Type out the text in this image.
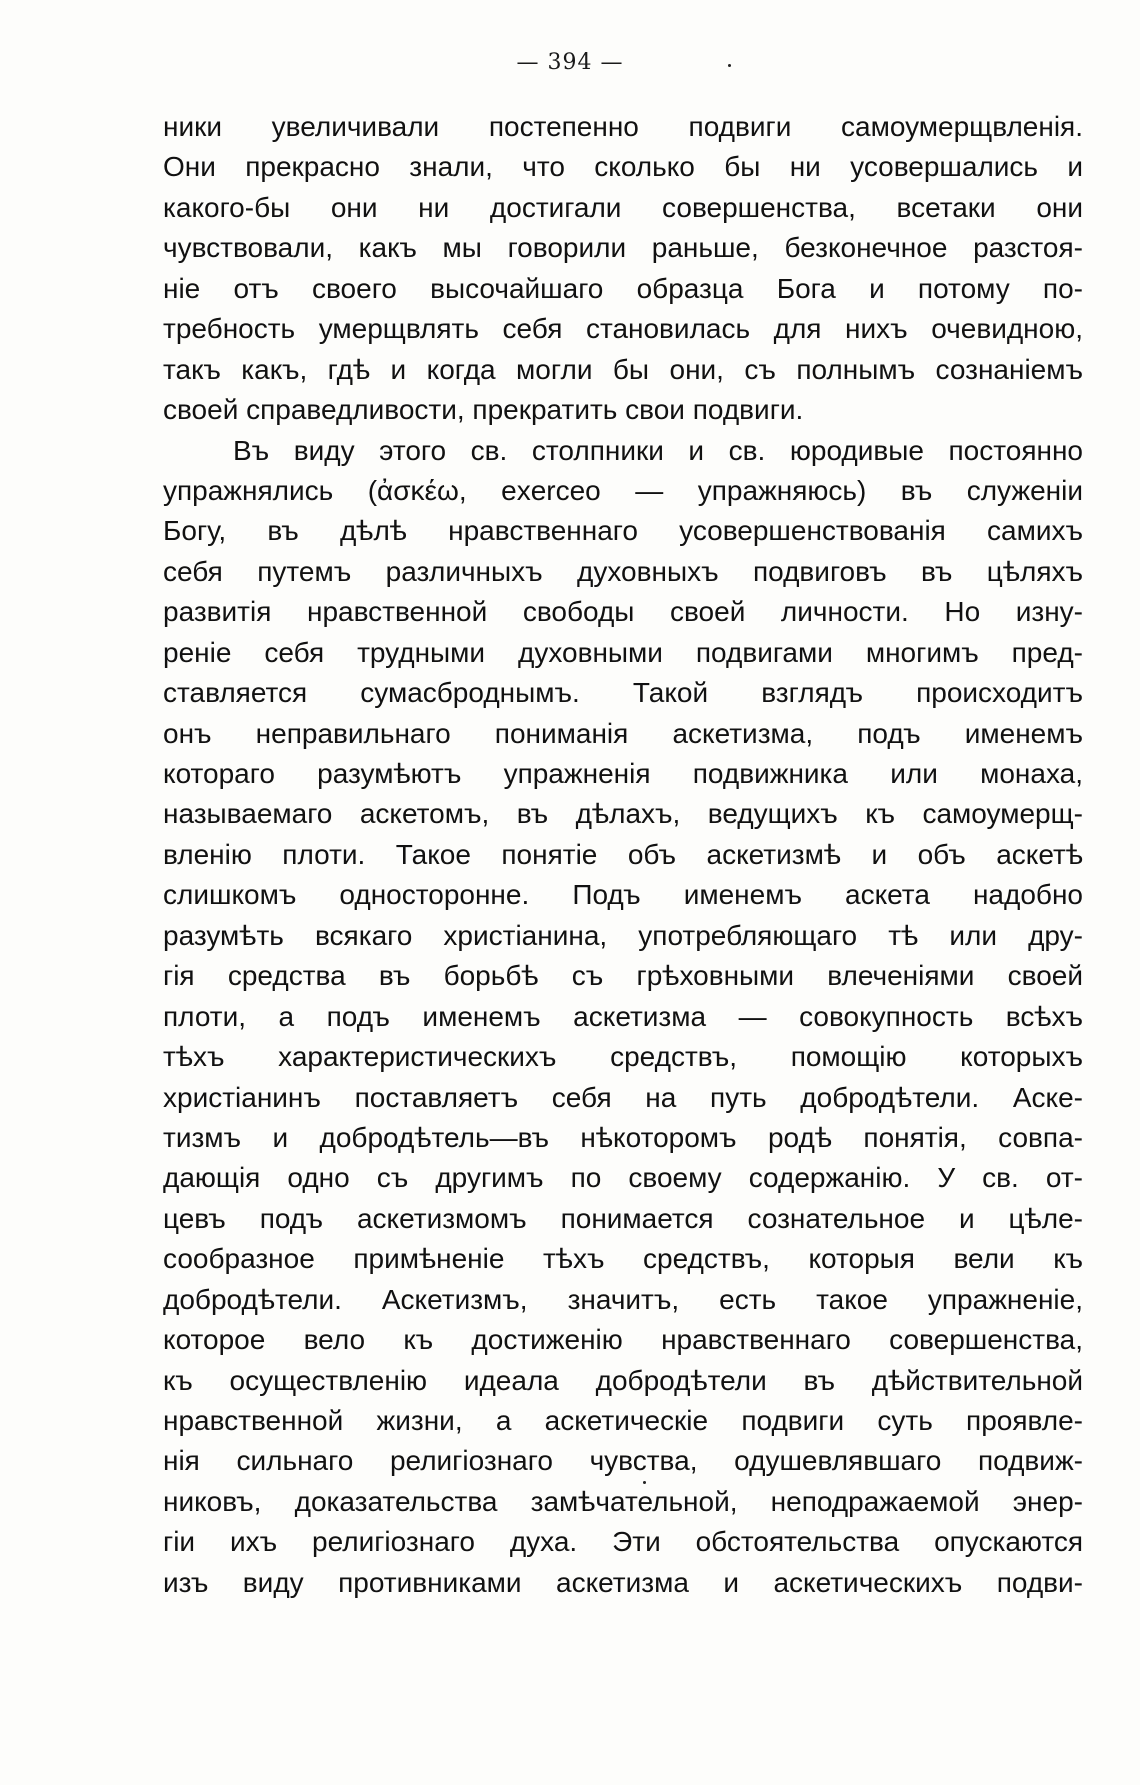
— 394 —
ники увеличивали постепенно подвиги самоумерщвленія.
Они прекрасно знали, что сколько бы ни усовершались и
какого-бы они ни достигали совершенства, всетаки они
чувствовали, какъ мы говорили раньше, безконечное разстоя-
ніе отъ своего высочайшаго образца Бога и потому по-
требность умерщвлять себя становилась для нихъ очевидною,
такъ какъ, гдѣ и когда могли бы они, съ полнымъ сознаніемъ
своей справедливости, прекратить свои подвиги.
Въ виду этого св. столпники и св. юродивые постоянно
упражнялись (ἀσκέω, exerceo — упражняюсь) въ служеніи
Богу, въ дѣлѣ нравственнаго усовершенствованія самихъ
себя путемъ различныхъ духовныхъ подвиговъ въ цѣляхъ
развитія нравственной свободы своей личности. Но изну-
реніе себя трудными духовными подвигами многимъ пред-
ставляется сумасброднымъ. Такой взглядъ происходитъ
онъ неправильнаго пониманія аскетизма, подъ именемъ
котораго разумѣютъ упражненія подвижника или монаха,
называемаго аскетомъ, въ дѣлахъ, ведущихъ къ самоумерщ-
вленію плоти. Такое понятіе объ аскетизмѣ и объ аскетѣ
слишкомъ одностороннe. Подъ именемъ аскета надобно
разумѣть всякаго христіанина, употребляющаго тѣ или дру-
гія средства въ борьбѣ съ грѣховными влеченіями своей
плоти, а подъ именемъ аскетизма — совокупность всѣхъ
тѣхъ характеристическихъ средствъ, помощію которыхъ
христіанинъ поставляетъ себя на путь добродѣтели. Аске-
тизмъ и добродѣтель—въ нѣкоторомъ родѣ понятія, совпа-
дающія одно съ другимъ по своему содержанію. У св. от-
цевъ подъ аскетизмомъ понимается сознательное и цѣле-
сообразное примѣненіе тѣхъ средствъ, которыя вели къ
добродѣтели. Аскетизмъ, значитъ, есть такое упражненіе,
которое вело къ достиженію нравственнаго совершенства,
къ осуществленію идеала добродѣтели въ дѣйствительной
нравственной жизни, а аскетическіе подвиги суть проявле-
нія сильнаго религіознаго чувства, одушевлявшаго подвиж-
никовъ, доказательства замѣчательной, неподражаемой энер-
гіи ихъ религіознаго духа. Эти обстоятельства опускаются
изъ виду противниками аскетизма и аскетическихъ подви-
